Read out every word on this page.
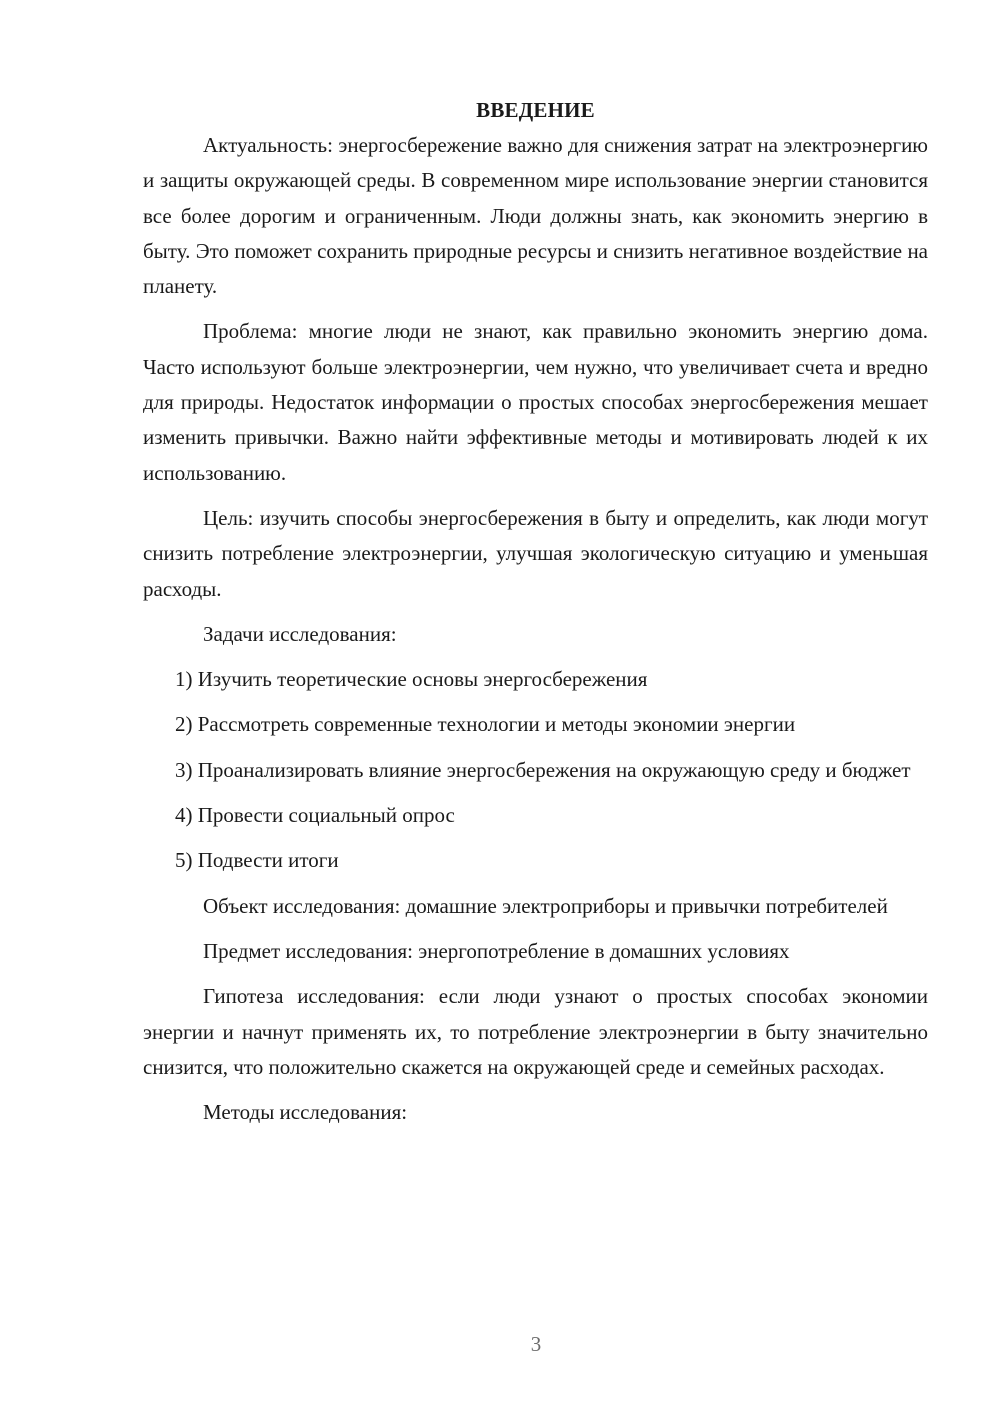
ВВЕДЕНИЕ

Актуальность: энергосбережение важно для снижения затрат на электроэнергию и защиты окружающей среды. В современном мире использование энергии становится все более дорогим и ограниченным. Люди должны знать, как экономить энергию в быту. Это поможет сохранить природные ресурсы и снизить негативное воздействие на планету.

Проблема: многие люди не знают, как правильно экономить энергию дома. Часто используют больше электроэнергии, чем нужно, что увеличивает счета и вредно для природы. Недостаток информации о простых способах энергосбережения мешает изменить привычки. Важно найти эффективные методы и мотивировать людей к их использованию.

Цель: изучить способы энергосбережения в быту и определить, как люди могут снизить потребление электроэнергии, улучшая экологическую ситуацию и уменьшая расходы.

Задачи исследования:

1) Изучить теоретические основы энергосбережения

2) Рассмотреть современные технологии и методы экономии энергии

3) Проанализировать влияние энергосбережения на окружающую среду и бюджет

4) Провести социальный опрос

5) Подвести итоги

Объект исследования: домашние электроприборы и привычки потребителей

Предмет исследования: энергопотребление в домашних условиях

Гипотеза исследования: если люди узнают о простых способах экономии энергии и начнут применять их, то потребление электроэнергии в быту значительно снизится, что положительно скажется на окружающей среде и семейных расходах.

Методы исследования:

3
